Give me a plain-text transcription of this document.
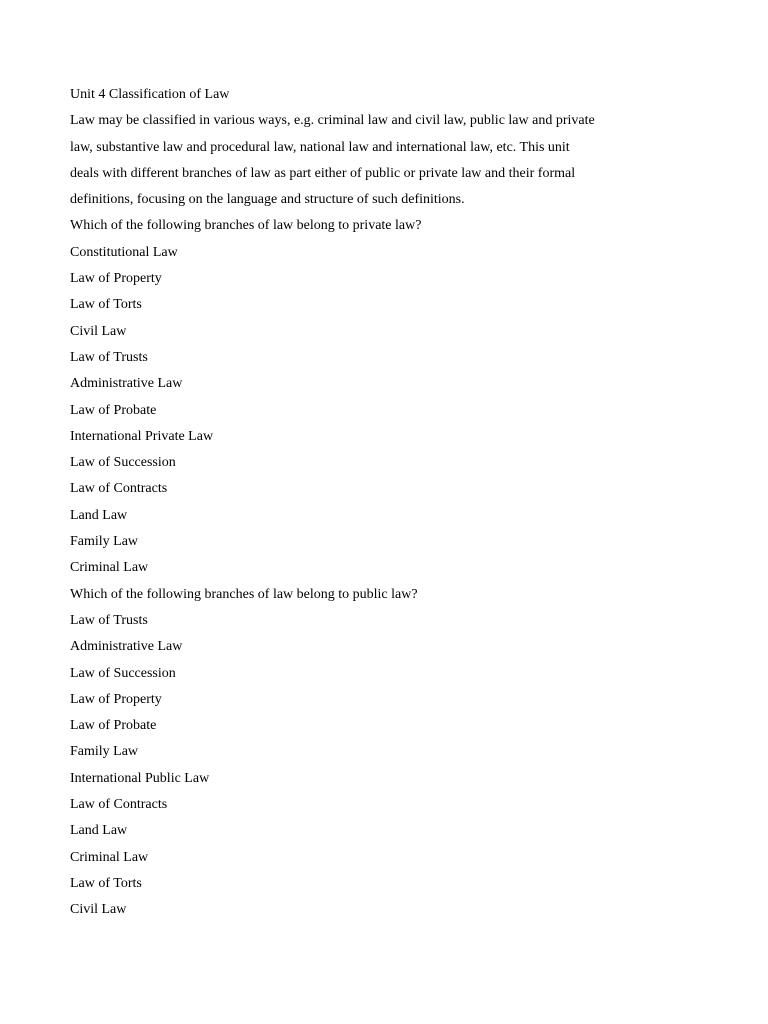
Unit 4 Classification of Law
Law may be classified in various ways, e.g. criminal law and civil law, public law and private
law, substantive law and procedural law, national law and international law, etc. This unit
deals with different branches of law as part either of public or private law and their formal
definitions, focusing on the language and structure of such definitions.
Which of the following branches of law belong to private law?
Constitutional Law
Law of Property
Law of Torts
Civil Law
Law of Trusts
Administrative Law
Law of Probate
International Private Law
Law of Succession
Law of Contracts
Land Law
Family Law
Criminal Law
Which of the following branches of law belong to public law?
Law of Trusts
Administrative Law
Law of Succession
Law of Property
Law of Probate
Family Law
International Public Law
Law of Contracts
Land Law
Criminal Law
Law of Torts
Civil Law
